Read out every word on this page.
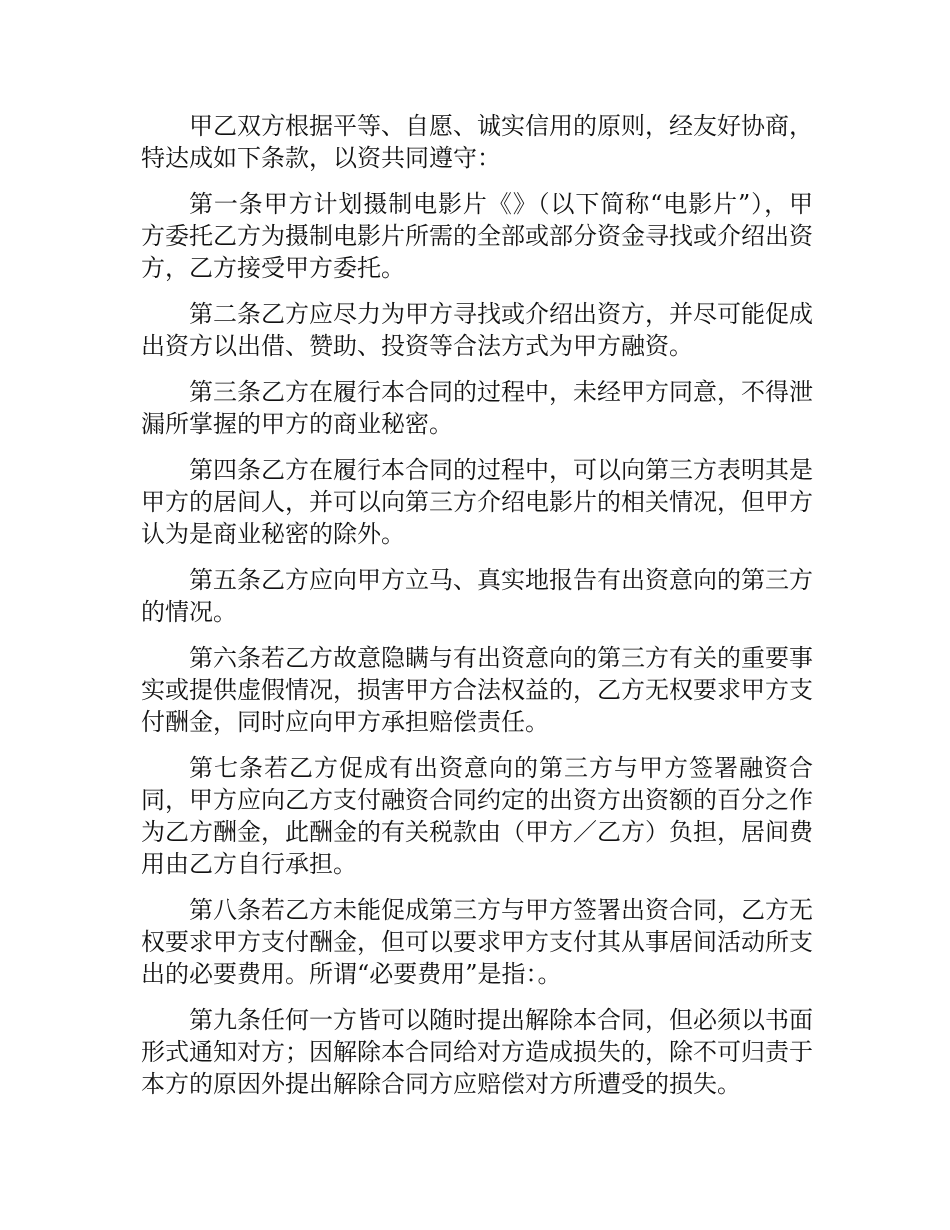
甲乙双方根据平等、自愿、诚实信用的原则，经友好协商，特达成如下条款，以资共同遵守：

第一条甲方计划摄制电影片《》（以下简称“电影片”），甲方委托乙方为摄制电影片所需的全部或部分资金寻找或介绍出资方，乙方接受甲方委托。

第二条乙方应尽力为甲方寻找或介绍出资方，并尽可能促成出资方以出借、赞助、投资等合法方式为甲方融资。

第三条乙方在履行本合同的过程中，未经甲方同意，不得泄漏所掌握的甲方的商业秘密。

第四条乙方在履行本合同的过程中，可以向第三方表明其是甲方的居间人，并可以向第三方介绍电影片的相关情况，但甲方认为是商业秘密的除外。

第五条乙方应向甲方立马、真实地报告有出资意向的第三方的情况。

第六条若乙方故意隐瞒与有出资意向的第三方有关的重要事实或提供虚假情况，损害甲方合法权益的，乙方无权要求甲方支付酬金，同时应向甲方承担赔偿责任。

第七条若乙方促成有出资意向的第三方与甲方签署融资合同，甲方应向乙方支付融资合同约定的出资方出资额的百分之作为乙方酬金，此酬金的有关税款由（甲方／乙方）负担，居间费用由乙方自行承担。

第八条若乙方未能促成第三方与甲方签署出资合同，乙方无权要求甲方支付酬金，但可以要求甲方支付其从事居间活动所支出的必要费用。所谓“必要费用”是指：。

第九条任何一方皆可以随时提出解除本合同，但必须以书面形式通知对方；因解除本合同给对方造成损失的，除不可归责于本方的原因外提出解除合同方应赔偿对方所遭受的损失。
